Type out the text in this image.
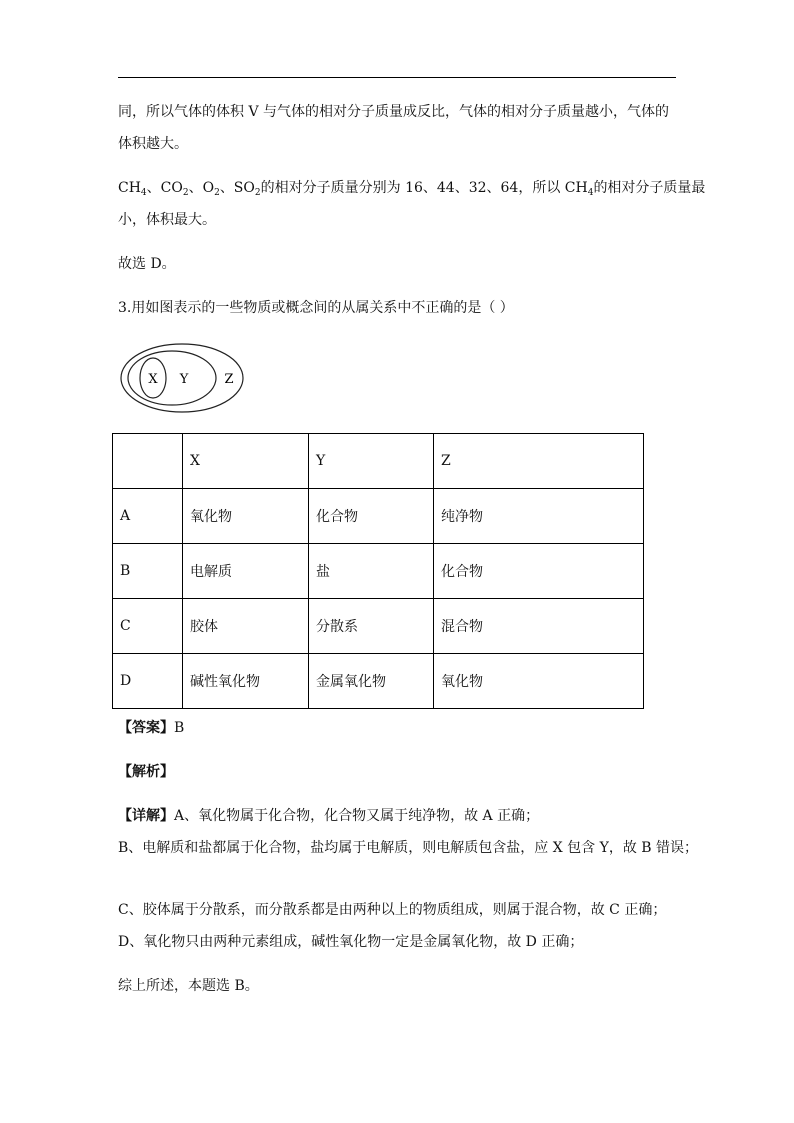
同，所以气体的体积 V 与气体的相对分子质量成反比，气体的相对分子质量越小，气体的
体积越大。
$CH_4$、$CO_2$、$O_2$、$SO_2$的相对分子质量分别为 16、44、32、64，所以 $CH_4$的相对分子质量最
小，体积最大。
故选 D。
3.用如图表示的一些物质或概念间的从属关系中不正确的是（ ）
X Y	Z
	X	Y	Z
A	氧化物	化合物	纯净物
B	电解质	盐	化合物
C	胶体	分散系	混合物
D	碱性氧化物	金属氧化物	氧化物
【答案】B
【解析】
【详解】A、氧化物属于化合物，化合物又属于纯净物，故 A 正确；
B、电解质和盐都属于化合物，盐均属于电解质，则电解质包含盐，应 X 包含 Y，故 B 错误；
C、胶体属于分散系，而分散系都是由两种以上的物质组成，则属于混合物，故 C 正确；
D、氧化物只由两种元素组成，碱性氧化物一定是金属氧化物，故 D 正确；
综上所述，本题选 B。
